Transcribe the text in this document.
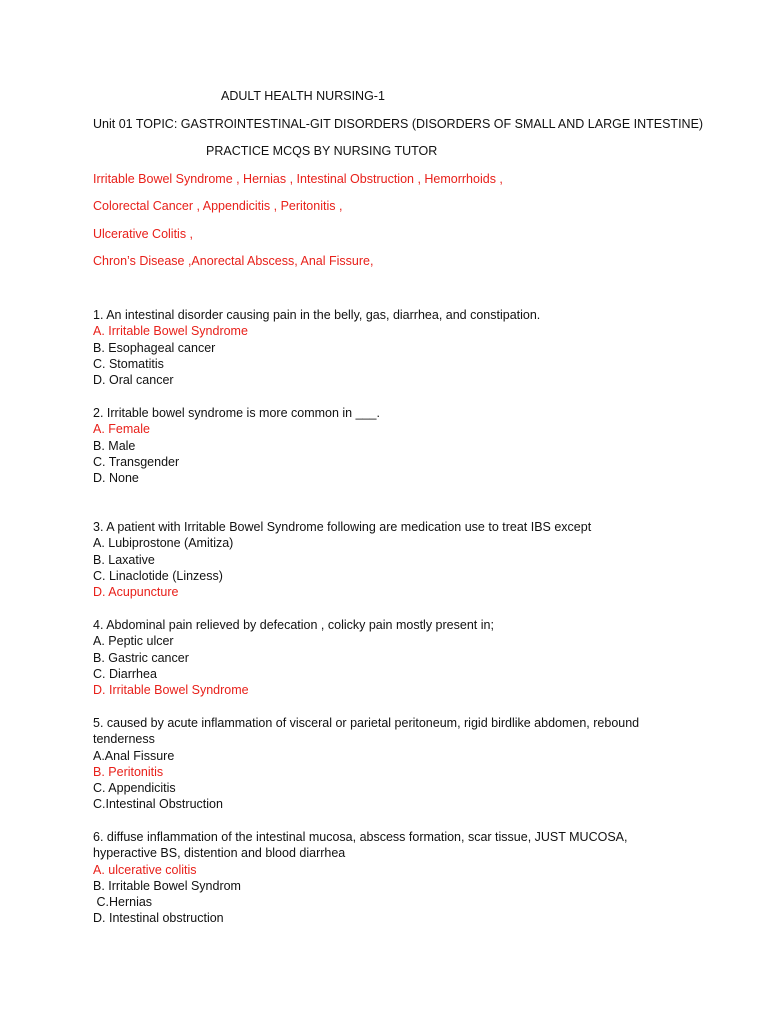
ADULT HEALTH NURSING-1
Unit 01 TOPIC: GASTROINTESTINAL-GIT DISORDERS (DISORDERS OF SMALL AND LARGE INTESTINE)
PRACTICE MCQS BY NURSING TUTOR
Irritable Bowel Syndrome , Hernias , Intestinal Obstruction , Hemorrhoids ,
Colorectal Cancer , Appendicitis , Peritonitis ,
Ulcerative Colitis ,
Chron’s Disease ,Anorectal Abscess, Anal Fissure,
1. An intestinal disorder causing pain in the belly, gas, diarrhea, and constipation.
A. Irritable Bowel Syndrome
B. Esophageal cancer
C. Stomatitis
D. Oral cancer
2. Irritable bowel syndrome is more common in ___.
A. Female
B. Male
C. Transgender
D. None
3. A patient with Irritable Bowel Syndrome following are medication use to treat IBS except
A. Lubiprostone (Amitiza)
B. Laxative
C. Linaclotide (Linzess)
D. Acupuncture
4. Abdominal pain relieved by defecation , colicky pain mostly present in;
A. Peptic ulcer
B. Gastric cancer
C. Diarrhea
D. Irritable Bowel Syndrome
5. caused by acute inflammation of visceral or parietal peritoneum, rigid birdlike abdomen, rebound tenderness
A.Anal Fissure
B. Peritonitis
C. Appendicitis
C.Intestinal Obstruction
6. diffuse inflammation of the intestinal mucosa, abscess formation, scar tissue, JUST MUCOSA, hyperactive BS, distention and blood diarrhea
A. ulcerative colitis
B. Irritable Bowel Syndrom
C.Hernias
D. Intestinal obstruction
